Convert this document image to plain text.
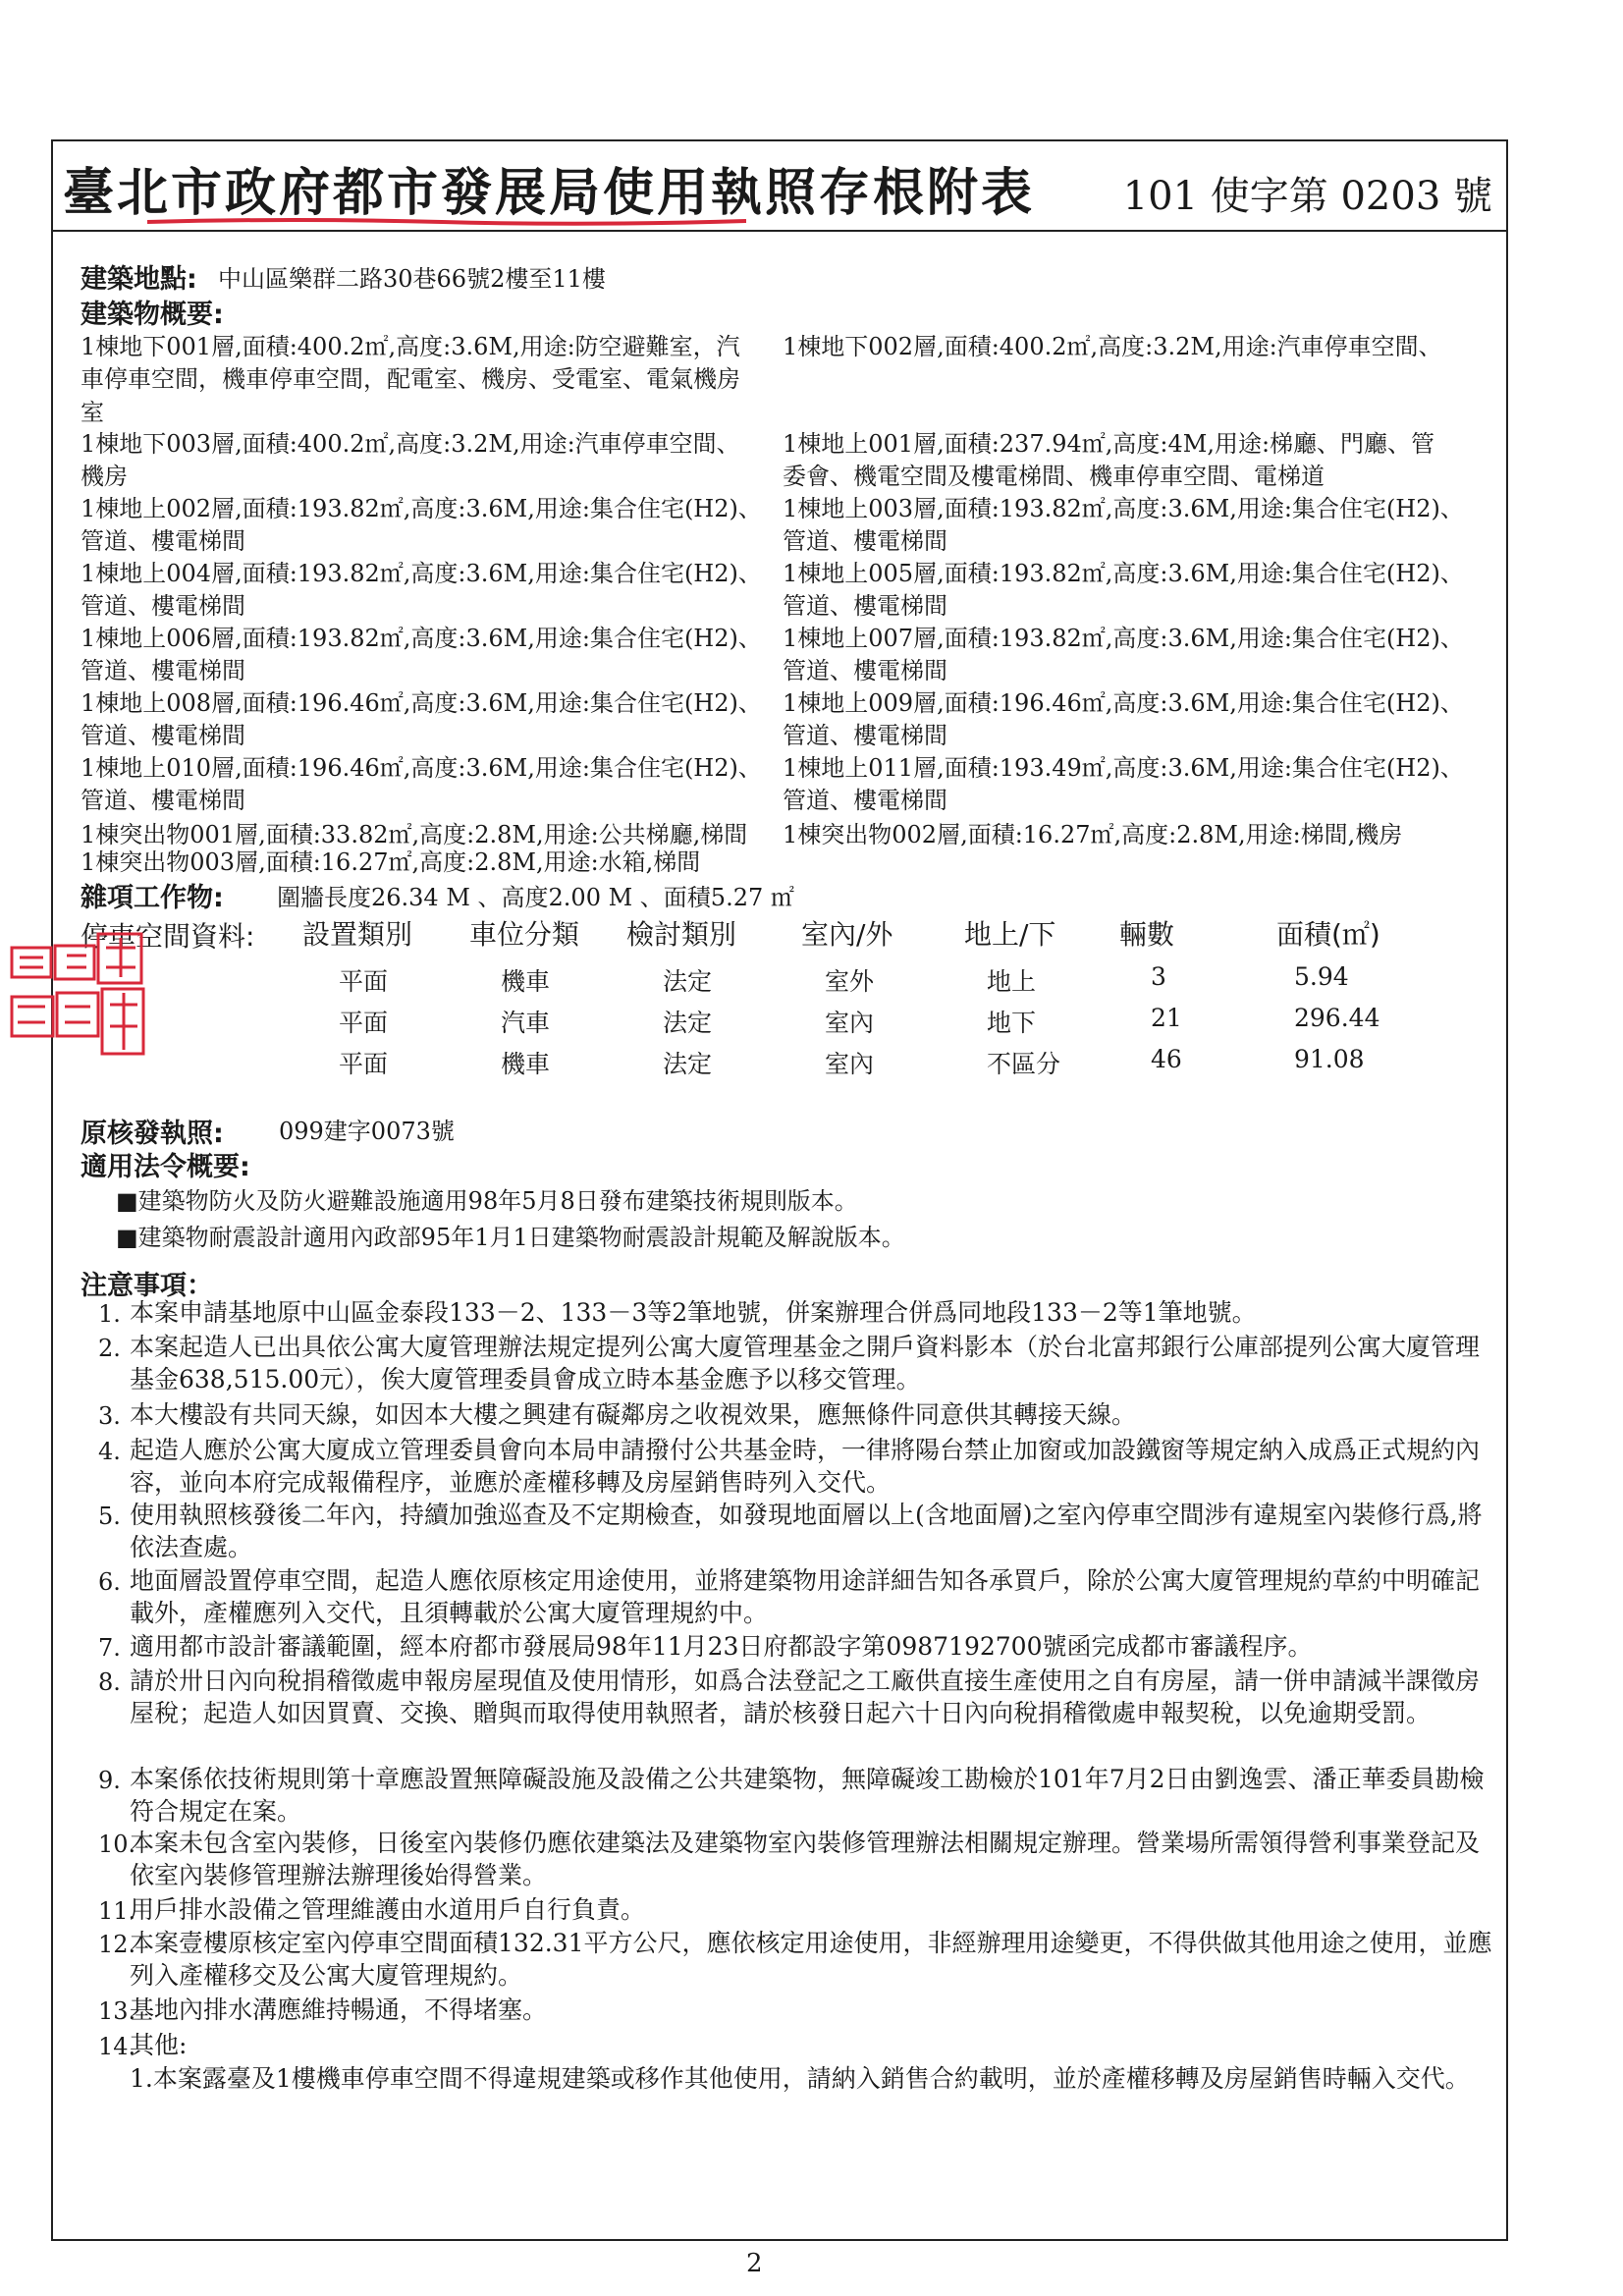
臺北市政府都市發展局使用執照存根附表 101 使字第 0203 號
建築地點: 中山區樂群二路30巷66號2樓至11樓
建築物概要:
1棟地下001層,面積:400.2㎡,高度:3.6M,用途:防空避難室，汽 1棟地下002層,面積:400.2㎡,高度:3.2M,用途:汽車停車空間、
車停車空間，機車停車空間，配電室、機房、受電室、電氣機房
室
1棟地下003層,面積:400.2㎡,高度:3.2M,用途:汽車停車空間、 1棟地上001層,面積:237.94㎡,高度:4M,用途:梯廳、門廳、管
機房	委會、機電空間及樓電梯間、機車停車空間、電梯道
1棟地上002層,面積:193.82㎡,高度:3.6M,用途:集合住宅(H2)、 1棟地上003層,面積:193.82㎡,高度:3.6M,用途:集合住宅(H2)、
管道、樓電梯間	管道、樓電梯間
1棟地上004層,面積:193.82㎡,高度:3.6M,用途:集合住宅(H2)、 1棟地上005層,面積:193.82㎡,高度:3.6M,用途:集合住宅(H2)、
管道、樓電梯間	管道、樓電梯間
1棟地上006層,面積:193.82㎡,高度:3.6M,用途:集合住宅(H2)、 1棟地上007層,面積:193.82㎡,高度:3.6M,用途:集合住宅(H2)、
管道、樓電梯間	管道、樓電梯間
1棟地上008層,面積:196.46㎡,高度:3.6M,用途:集合住宅(H2)、 1棟地上009層,面積:196.46㎡,高度:3.6M,用途:集合住宅(H2)、
管道、樓電梯間	管道、樓電梯間
1棟地上010層,面積:196.46㎡,高度:3.6M,用途:集合住宅(H2)、 1棟地上011層,面積:193.49㎡,高度:3.6M,用途:集合住宅(H2)、
管道、樓電梯間	管道、樓電梯間
1棟突出物001層,面積:33.82㎡,高度:2.8M,用途:公共梯廳,梯間 1棟突出物002層,面積:16.27㎡,高度:2.8M,用途:梯間,機房
1棟突出物003層,面積:16.27㎡,高度:2.8M,用途:水箱,梯間
雜項工作物: 圍牆長度26.34 M 、高度2.00 M 、面積5.27 ㎡
停車空間資料: 設置類別 車位分類 檢討類別 室內/外	地上/下 輛數	面積(㎡)
平面	機車	法定	室外	地上	3	5.94
平面	汽車	法定	室內	地下	21	296.44
平面	機車	法定	室內	不區分	46	91.08
原核發執照: 099建字0073號
適用法令概要:
■建築物防火及防火避難設施適用98年5月8日發布建築技術規則版本。
■建築物耐震設計適用內政部95年1月1日建築物耐震設計規範及解說版本。
注意事項：
1. 本案申請基地原中山區金泰段133－2、133－3等2筆地號，併案辦理合併爲同地段133－2等1筆地號。
2. 本案起造人已出具依公寓大廈管理辦法規定提列公寓大廈管理基金之開戶資料影本（於台北富邦銀行公庫部提列公寓大廈管理基金638,515.00元），俟大廈管理委員會成立時本基金應予以移交管理。
3. 本大樓設有共同天線，如因本大樓之興建有礙鄰房之收視效果，應無條件同意供其轉接天線。
4. 起造人應於公寓大廈成立管理委員會向本局申請撥付公共基金時，一律將陽台禁止加窗或加設鐵窗等規定納入成爲正式規約內容，並向本府完成報備程序，並應於產權移轉及房屋銷售時列入交代。
5. 使用執照核發後二年內，持續加強巡查及不定期檢查，如發現地面層以上(含地面層)之室內停車空間涉有違規室內裝修行爲,將依法查處。
6. 地面層設置停車空間，起造人應依原核定用途使用，並將建築物用途詳細告知各承買戶，除於公寓大廈管理規約草約中明確記載外，產權應列入交代，且須轉載於公寓大廈管理規約中。
7. 適用都市設計審議範圍，經本府都市發展局98年11月23日府都設字第0987192700號函完成都市審議程序。
8. 請於卅日內向稅捐稽徵處申報房屋現值及使用情形，如爲合法登記之工廠供直接生產使用之自有房屋，請一併申請減半課徵房屋稅；起造人如因買賣、交換、贈與而取得使用執照者，請於核發日起六十日內向稅捐稽徵處申報契稅，以免逾期受罰。
9. 本案係依技術規則第十章應設置無障礙設施及設備之公共建築物，無障礙竣工勘檢於101年7月2日由劉逸雲、潘正華委員勘檢符合規定在案。
10.
本案未包含室內裝修，日後室內裝修仍應依建築法及建築物室內裝修管理辦法相關規定辦理。營業場所需領得營利事業登記及依室內裝修管理辦法辦理後始得營業。
11.
用戶排水設備之管理維護由水道用戶自行負責。
12.
本案壹樓原核定室內停車空間面積132.31平方公尺，應依核定用途使用，非經辦理用途變更，不得供做其他用途之使用，並應列入產權移交及公寓大廈管理規約。
13.
基地內排水溝應維持暢通，不得堵塞。
14.
其他:
1.本案露臺及1樓機車停車空間不得違規建築或移作其他使用，請納入銷售合約載明，並於產權移轉及房屋銷售時輛入交代。
2
